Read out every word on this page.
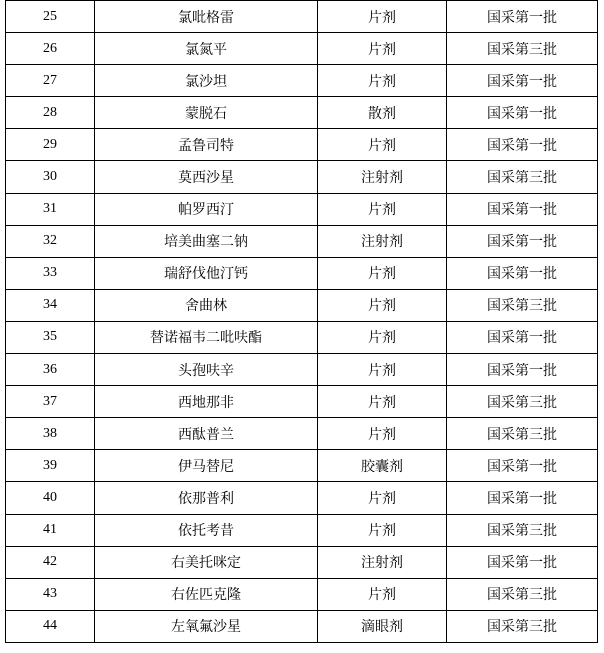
25	氯吡格雷	片剂	国采第一批
26	氯氮平	片剂	国采第三批
27	氯沙坦	片剂	国采第一批
28	蒙脱石	散剂	国采第一批
29	孟鲁司特	片剂	国采第一批
30	莫西沙星	注射剂	国采第三批
31	帕罗西汀	片剂	国采第一批
32	培美曲塞二钠	注射剂	国采第一批
33	瑞舒伐他汀钙	片剂	国采第一批
34	舍曲林	片剂	国采第三批
35	替诺福韦二吡呋酯	片剂	国采第一批
36	头孢呋辛	片剂	国采第一批
37	西地那非	片剂	国采第三批
38	西酞普兰	片剂	国采第三批
39	伊马替尼	胶囊剂	国采第一批
40	依那普利	片剂	国采第一批
41	依托考昔	片剂	国采第三批
42	右美托咪定	注射剂	国采第一批
43	右佐匹克隆	片剂	国采第三批
44	左氧氟沙星	滴眼剂	国采第三批
